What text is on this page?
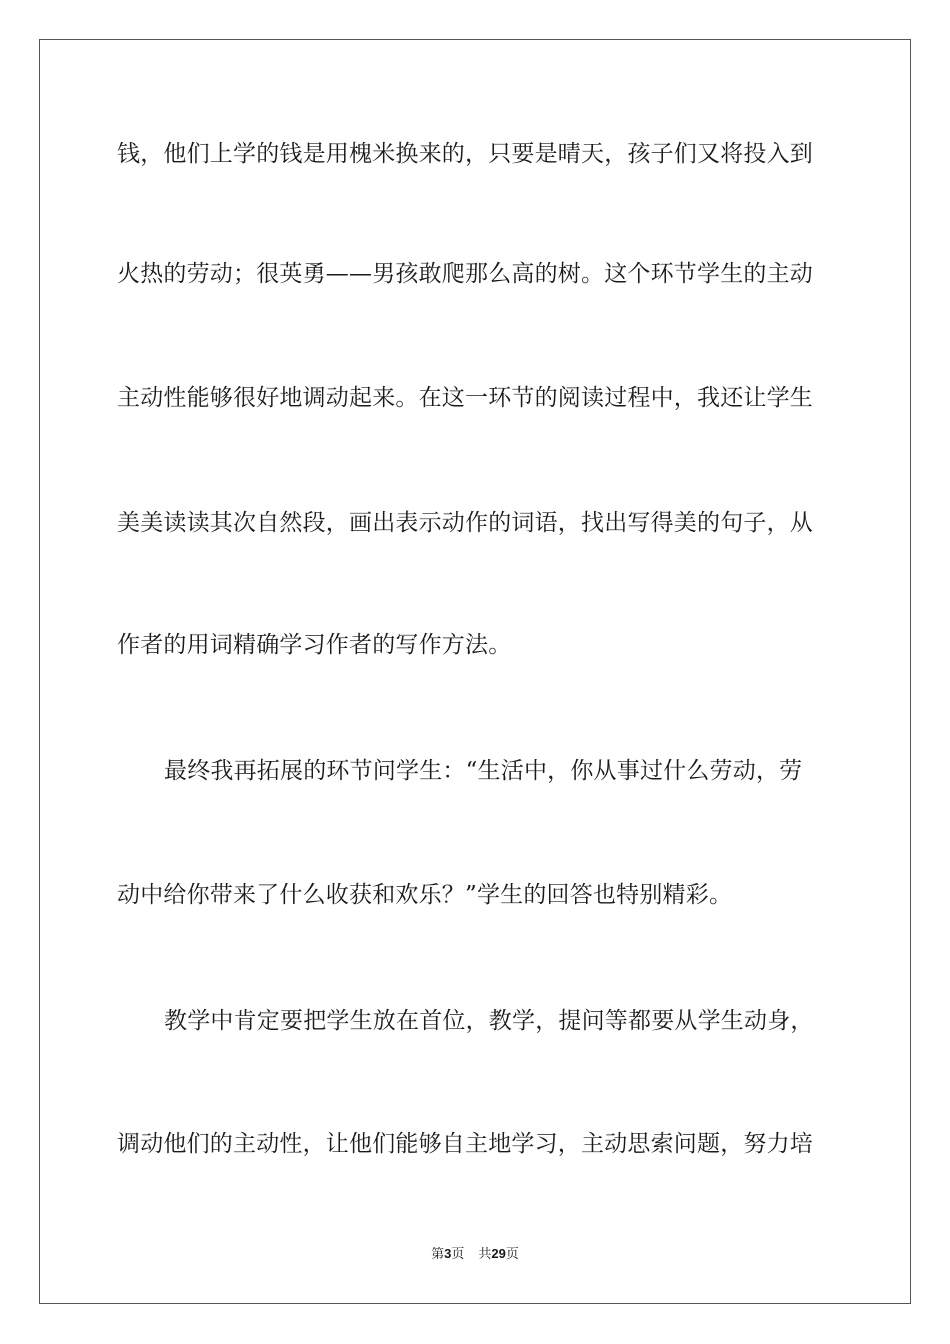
钱，他们上学的钱是用槐米换来的，只要是晴天，孩子们又将投入到
火热的劳动；很英勇——男孩敢爬那么高的树。这个环节学生的主动
主动性能够很好地调动起来。在这一环节的阅读过程中，我还让学生
美美读读其次自然段，画出表示动作的词语，找出写得美的句子，从
作者的用词精确学习作者的写作方法。
最终我再拓展的环节问学生：“生活中，你从事过什么劳动，劳
动中给你带来了什么收获和欢乐？”学生的回答也特别精彩。
教学中肯定要把学生放在首位，教学，提问等都要从学生动身，
调动他们的主动性，让他们能够自主地学习，主动思索问题，努力培
第3页 共29页
